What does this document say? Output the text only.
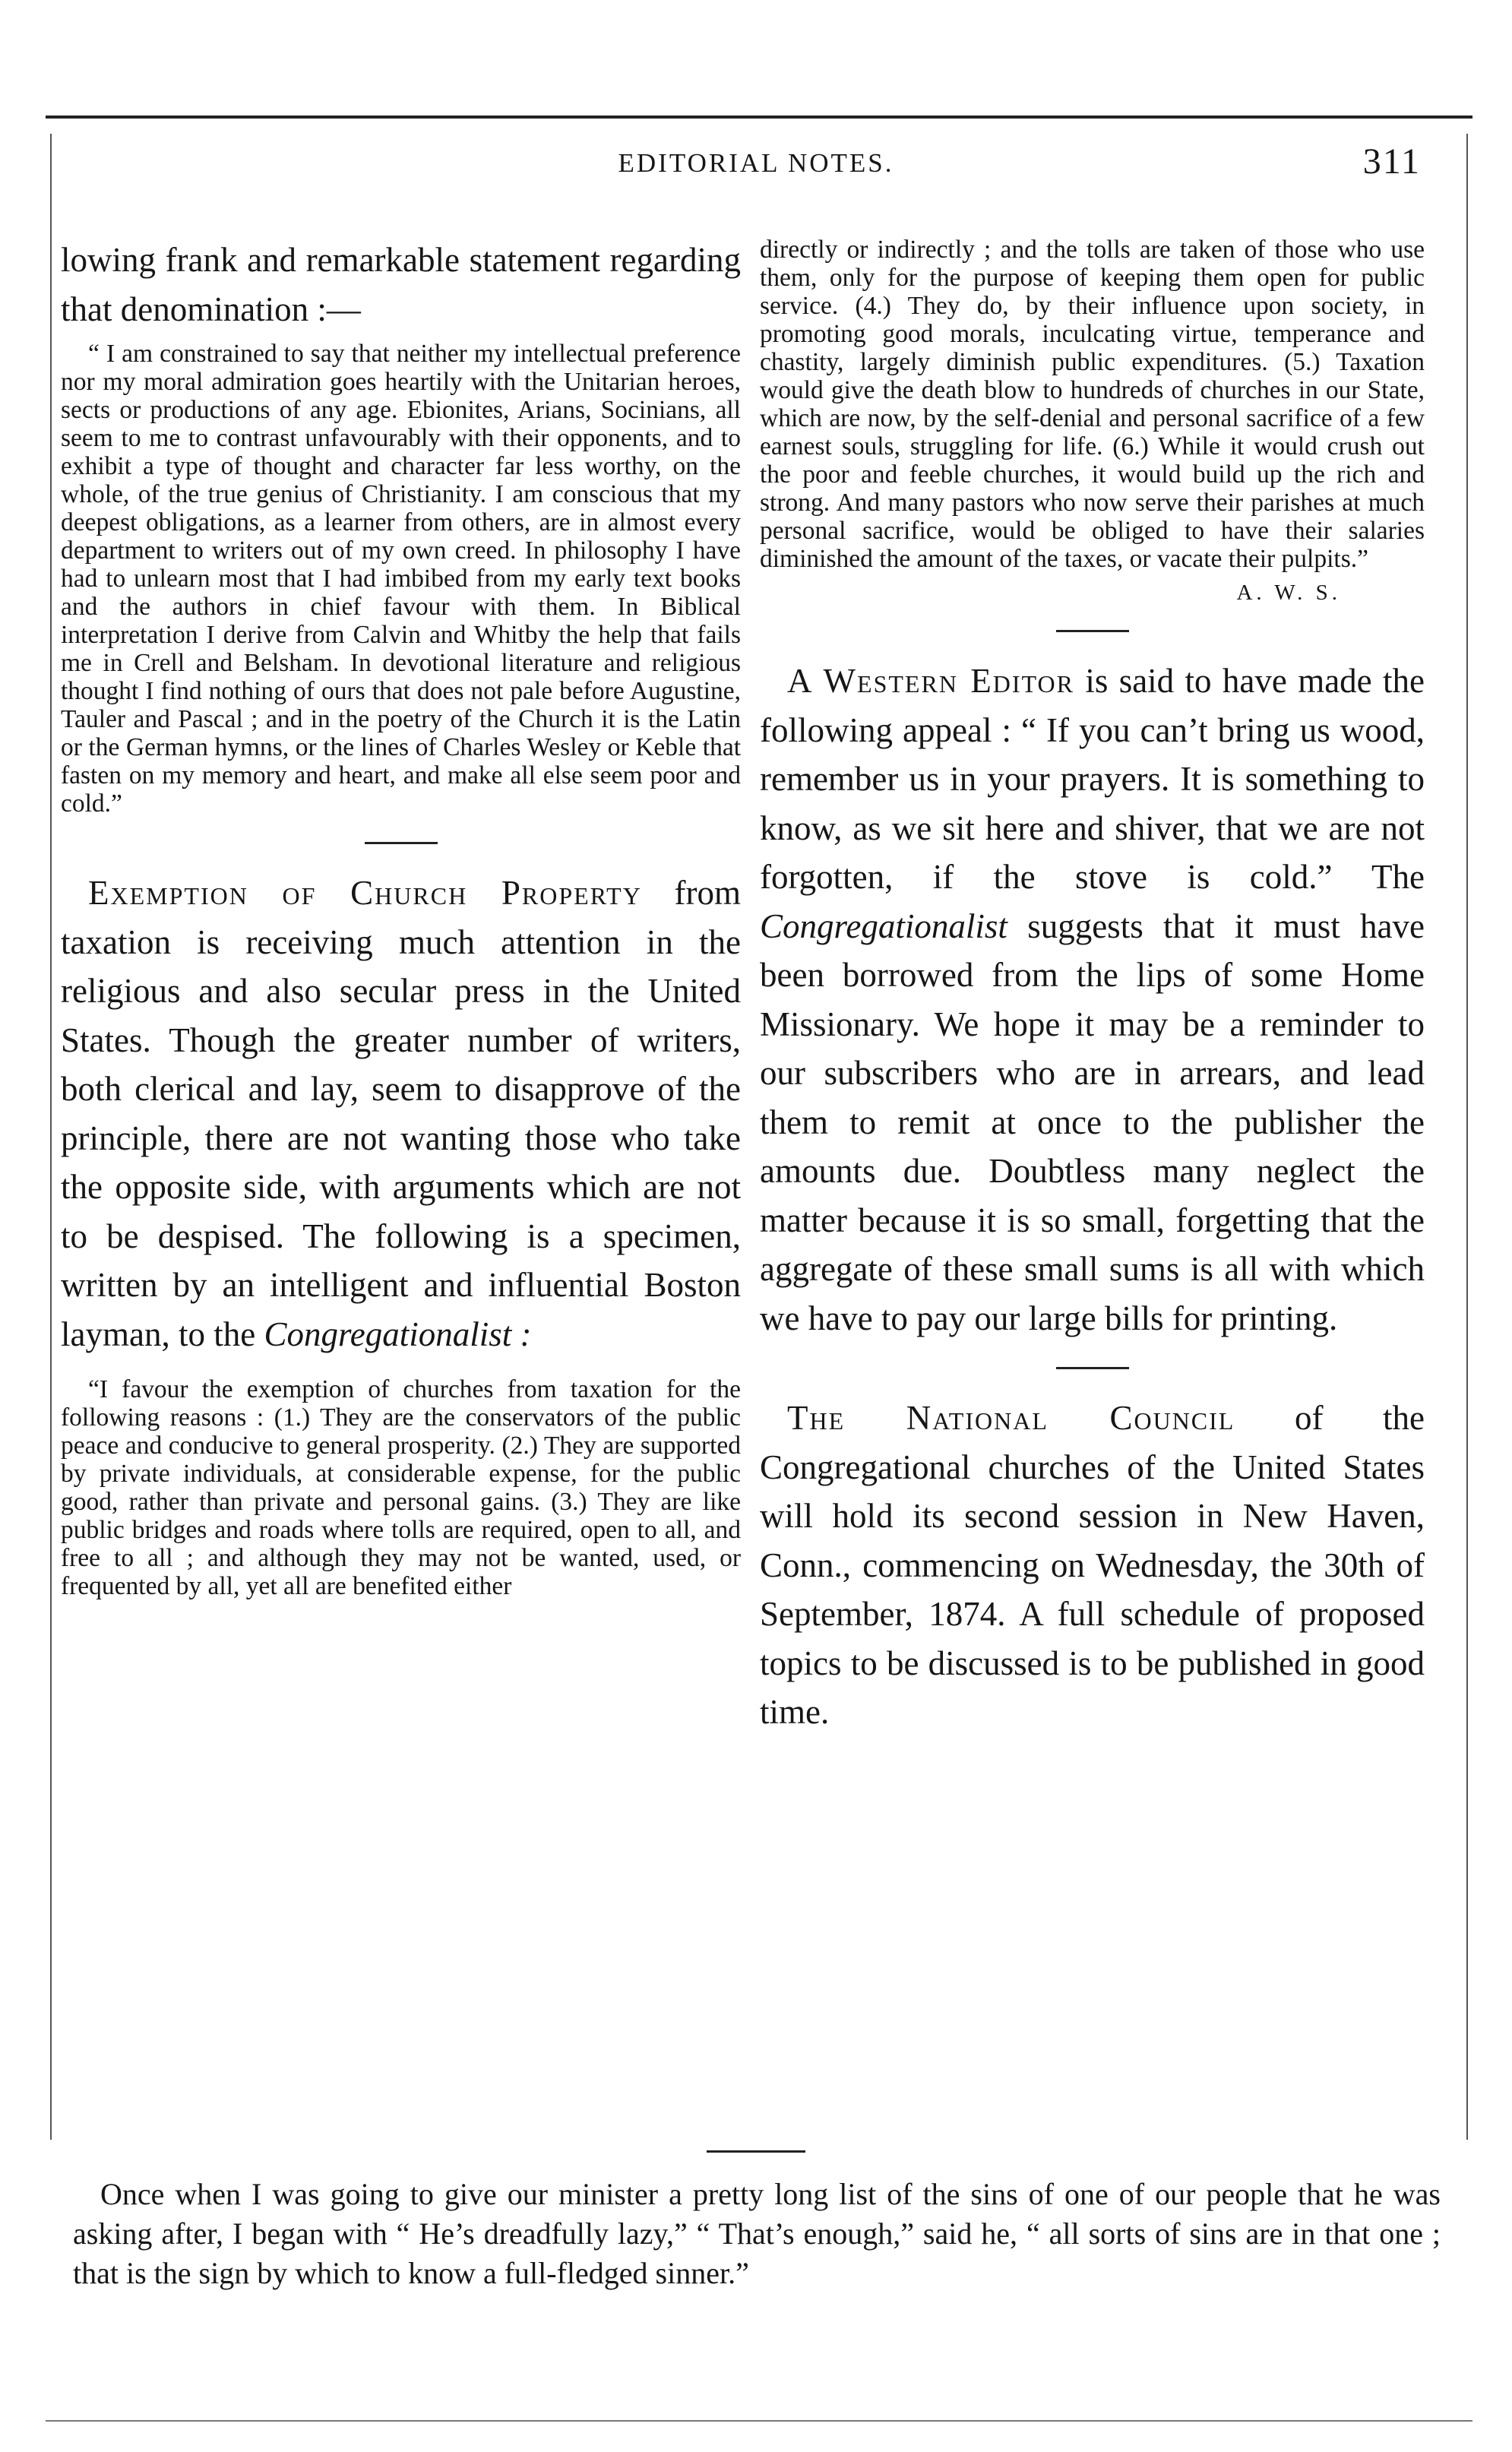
EDITORIAL NOTES.	311

lowing frank and remarkable statement regarding that denomination :—

“ I am constrained to say that neither my intellectual preference nor my moral admiration goes heartily with the Unitarian heroes, sects or productions of any age. Ebionites, Arians, Socinians, all seem to me to contrast unfavourably with their opponents, and to exhibit a type of thought and character far less worthy, on the whole, of the true genius of Christianity. I am conscious that my deepest obligations, as a learner from others, are in almost every department to writers out of my own creed. In philosophy I have had to unlearn most that I had imbibed from my early text books and the authors in chief favour with them. In Biblical interpretation I derive from Calvin and Whitby the help that fails me in Crell and Belsham. In devotional literature and religious thought I find nothing of ours that does not pale before Augustine, Tauler and Pascal ; and in the poetry of the Church it is the Latin or the German hymns, or the lines of Charles Wesley or Keble that fasten on my memory and heart, and make all else seem poor and cold.”

Exemption of Church Property from taxation is receiving much attention in the religious and also secular press in the United States. Though the greater number of writers, both clerical and lay, seem to disapprove of the principle, there are not wanting those who take the opposite side, with arguments which are not to be despised. The following is a specimen, written by an intelligent and influential Boston layman, to the Congregationalist :

“I favour the exemption of churches from taxation for the following reasons : (1.) They are the conservators of the public peace and conducive to general prosperity. (2.) They are supported by private individuals, at considerable expense, for the public good, rather than private and personal gains. (3.) They are like public bridges and roads where tolls are required, open to all, and free to all ; and although they may not be wanted, used, or frequented by all, yet all are benefited either

directly or indirectly ; and the tolls are taken of those who use them, only for the purpose of keeping them open for public service. (4.) They do, by their influence upon society, in promoting good morals, inculcating virtue, temperance and chastity, largely diminish public expenditures. (5.) Taxation would give the death blow to hundreds of churches in our State, which are now, by the self-denial and personal sacrifice of a few earnest souls, struggling for life. (6.) While it would crush out the poor and feeble churches, it would build up the rich and strong. And many pastors who now serve their parishes at much personal sacrifice, would be obliged to have their salaries diminished the amount of the taxes, or vacate their pulpits.”

A. W. S.

A Western Editor is said to have made the following appeal : “ If you can’t bring us wood, remember us in your prayers. It is something to know, as we sit here and shiver, that we are not forgotten, if the stove is cold.” The Congregationalist suggests that it must have been borrowed from the lips of some Home Missionary. We hope it may be a reminder to our subscribers who are in arrears, and lead them to remit at once to the publisher the amounts due. Doubtless many neglect the matter because it is so small, forgetting that the aggregate of these small sums is all with which we have to pay our large bills for printing.

The National Council of the Congregational churches of the United States will hold its second session in New Haven, Conn., commencing on Wednesday, the 30th of September, 1874. A full schedule of proposed topics to be discussed is to be published in good time.

Once when I was going to give our minister a pretty long list of the sins of one of our people that he was asking after, I began with “ He’s dreadfully lazy,” “ That’s enough,” said he, “ all sorts of sins are in that one ; that is the sign by which to know a full-fledged sinner.”
